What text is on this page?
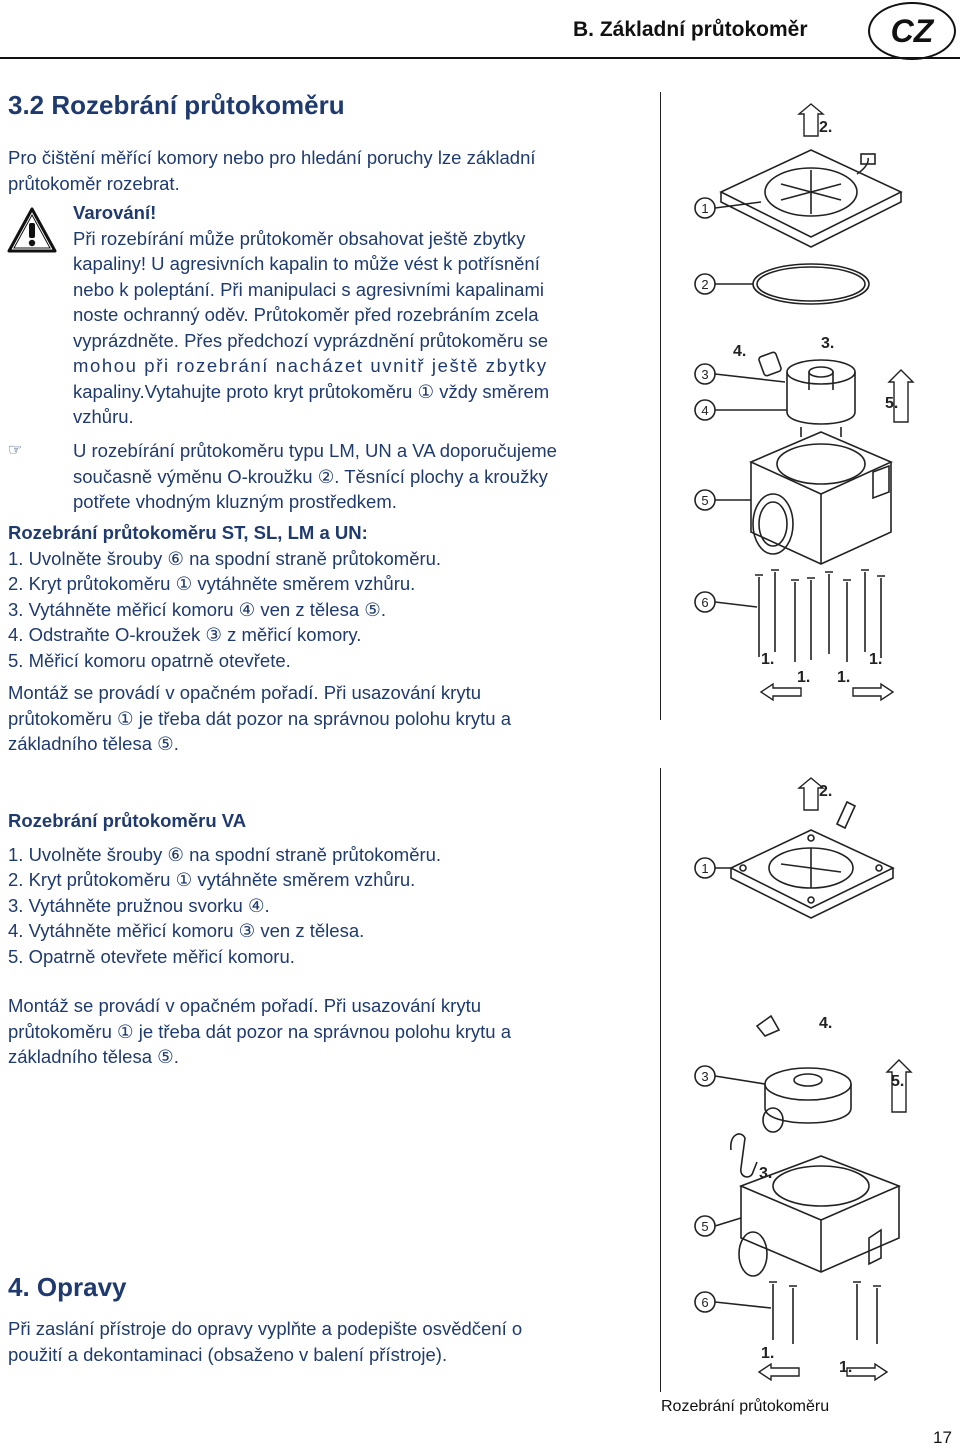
B. Základní průtokoměr	CZ
3.2 Rozebrání průtokoměru
Pro čištění měřící komory nebo pro hledání poruchy lze základní
průtokoměr rozebrat.
Varování!
Při rozebírání může průtokoměr obsahovat ještě zbytky
kapaliny! U agresivních kapalin to může vést k potřísnění
nebo k poleptání. Při manipulaci s agresivními kapalinami
noste ochranný oděv. Průtokoměr před rozebráním zcela
vyprázdněte. Přes předchozí vyprázdnění průtokoměru se
mohou při rozebrání nacházet uvnitř ještě zbytky
kapaliny.Vytahujte proto kryt průtokoměru ① vždy směrem
vzhůru.
☞	U rozebírání průtokoměru typu LM, UN a VA doporučujeme
současně výměnu O-kroužku ②. Těsnící plochy a kroužky
potřete vhodným kluzným prostředkem.
Rozebrání průtokoměru ST, SL, LM a UN:
1. Uvolněte šrouby ⑥ na spodní straně průtokoměru.
2. Kryt průtokoměru ① vytáhněte směrem vzhůru.
3. Vytáhněte měřicí komoru ④ ven z tělesa ⑤.
4. Odstraňte O-kroužek ③ z měřicí komory.
5. Měřicí komoru opatrně otevřete.
Montáž se provádí v opačném pořadí. Při usazování krytu
průtokoměru ① je třeba dát pozor na správnou polohu krytu a
základního tělesa ⑤.
Rozebrání průtokoměru VA
1. Uvolněte šrouby ⑥ na spodní straně průtokoměru.
2. Kryt průtokoměru ① vytáhněte směrem vzhůru.
3. Vytáhněte pružnou svorku ④.
4. Vytáhněte měřicí komoru ③ ven z tělesa.
5. Opatrně otevřete měřicí komoru.
Montáž se provádí v opačném pořadí. Při usazování krytu
průtokoměru ① je třeba dát pozor na správnou polohu krytu a
základního tělesa ⑤.
4. Opravy
Při zaslání přístroje do opravy vyplňte a podepište osvědčení o
použití a dekontaminaci (obsaženo v balení přístroje).
1
2
3
4
5
6
2.
4.	3.
5.
1.
1. 1.
1.
1
3
5
6
2.
4.
5.
3.
1.
1.
Rozebrání průtokoměru
17
